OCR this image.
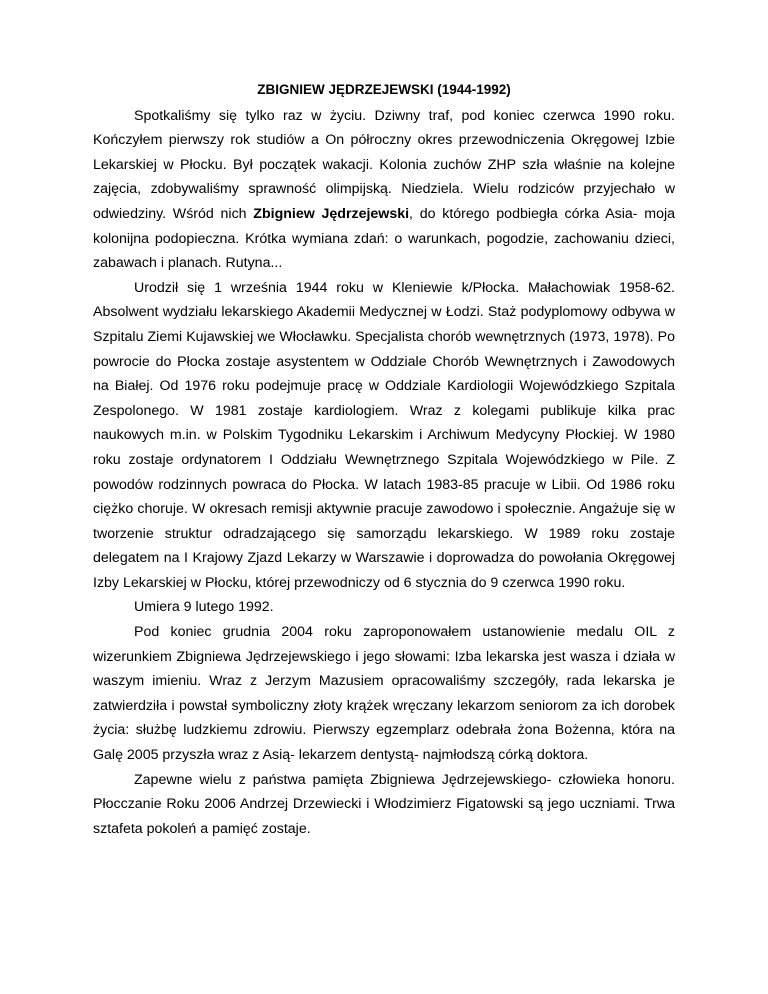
ZBIGNIEW JĘDRZEJEWSKI (1944-1992)

Spotkaliśmy się tylko raz w życiu. Dziwny traf, pod koniec czerwca 1990 roku. Kończyłem pierwszy rok studiów a On półroczny okres przewodniczenia Okręgowej Izbie Lekarskiej w Płocku. Był początek wakacji. Kolonia zuchów ZHP szła właśnie na kolejne zajęcia, zdobywaliśmy sprawność olimpijską. Niedziela. Wielu rodziców przyjechało w odwiedziny. Wśród nich Zbigniew Jędrzejewski, do którego podbiegła córka Asia- moja kolonijna podopieczna. Krótka wymiana zdań: o warunkach, pogodzie, zachowaniu dzieci, zabawach i planach. Rutyna...

Urodził się 1 września 1944 roku w Kleniewie k/Płocka. Małachowiak 1958-62. Absolwent wydziału lekarskiego Akademii Medycznej w Łodzi. Staż podyplomowy odbywa w Szpitalu Ziemi Kujawskiej we Włocławku. Specjalista chorób wewnętrznych (1973, 1978). Po powrocie do Płocka zostaje asystentem w Oddziale Chorób Wewnętrznych i Zawodowych na Białej. Od 1976 roku podejmuje pracę w Oddziale Kardiologii Wojewódzkiego Szpitala Zespolonego. W 1981 zostaje kardiologiem. Wraz z kolegami publikuje kilka prac naukowych m.in. w Polskim Tygodniku Lekarskim i Archiwum Medycyny Płockiej. W 1980 roku zostaje ordynatorem I Oddziału Wewnętrznego Szpitala Wojewódzkiego w Pile. Z powodów rodzinnych powraca do Płocka. W latach 1983-85 pracuje w Libii. Od 1986 roku ciężko choruje. W okresach remisji aktywnie pracuje zawodowo i społecznie. Angażuje się w tworzenie struktur odradzającego się samorządu lekarskiego. W 1989 roku zostaje delegatem na I Krajowy Zjazd Lekarzy w Warszawie i doprowadza do powołania Okręgowej Izby Lekarskiej w Płocku, której przewodniczy od 6 stycznia do 9 czerwca 1990 roku.

Umiera 9 lutego 1992.

Pod koniec grudnia 2004 roku zaproponowałem ustanowienie medalu OIL z wizerunkiem Zbigniewa Jędrzejewskiego i jego słowami: Izba lekarska jest wasza i działa w waszym imieniu. Wraz z Jerzym Mazusiem opracowaliśmy szczegóły, rada lekarska je zatwierdziła i powstał symboliczny złoty krążek wręczany lekarzom seniorom za ich dorobek życia: służbę ludzkiemu zdrowiu. Pierwszy egzemplarz odebrała żona Bożenna, która na Galę 2005 przyszła wraz z Asią- lekarzem dentystą- najmłodszą córką doktora.

Zapewne wielu z państwa pamięta Zbigniewa Jędrzejewskiego- człowieka honoru. Płocczanie Roku 2006 Andrzej Drzewiecki i Włodzimierz Figatowski są jego uczniami. Trwa sztafeta pokoleń a pamięć zostaje.
